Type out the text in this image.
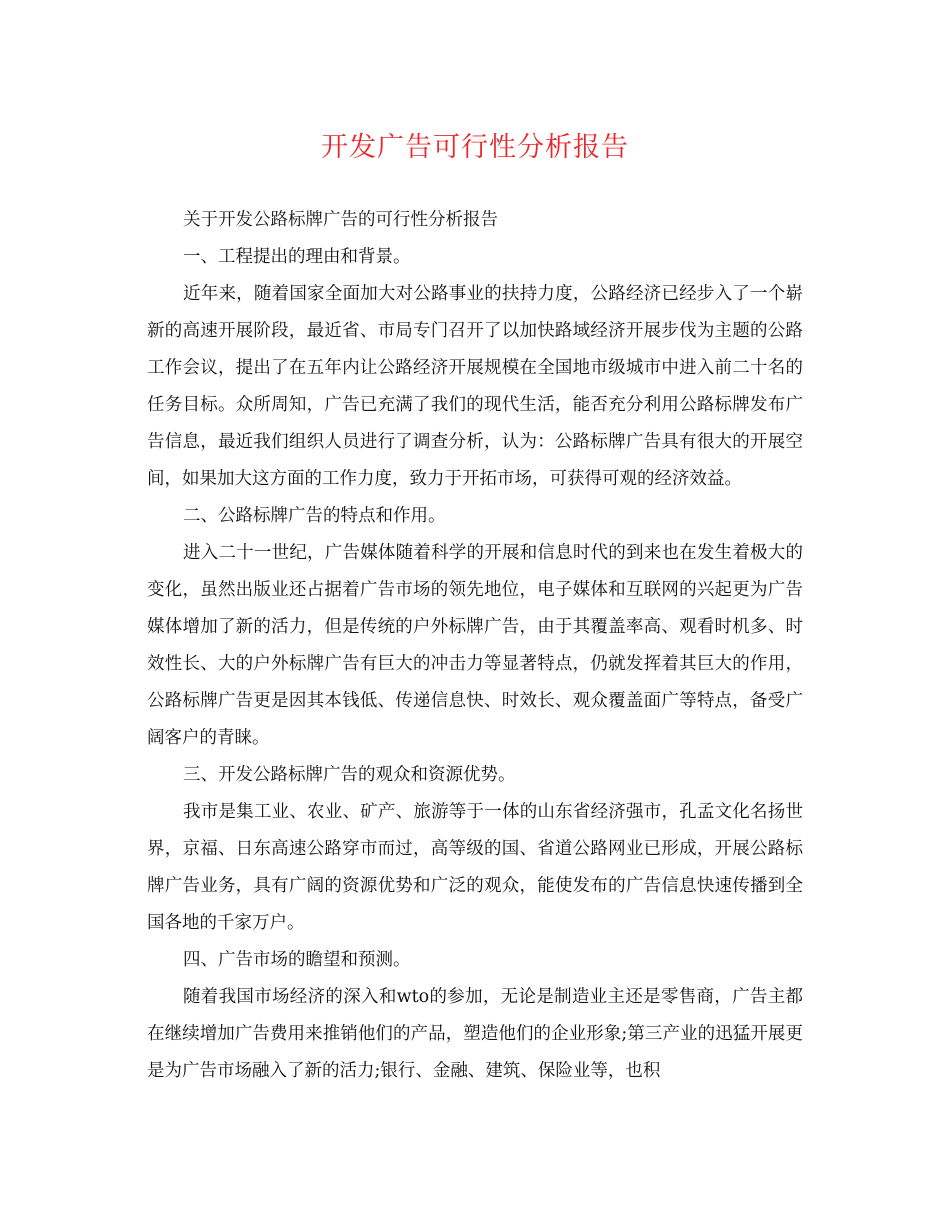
开发广告可行性分析报告

关于开发公路标牌广告的可行性分析报告

一、工程提出的理由和背景。

近年来，随着国家全面加大对公路事业的扶持力度，公路经济已经步入了一个崭新的高速开展阶段，最近省、市局专门召开了以加快路域经济开展步伐为主题的公路工作会议，提出了在五年内让公路经济开展规模在全国地市级城市中进入前二十名的任务目标。众所周知，广告已充满了我们的现代生活，能否充分利用公路标牌发布广告信息，最近我们组织人员进行了调查分析，认为：公路标牌广告具有很大的开展空间，如果加大这方面的工作力度，致力于开拓市场，可获得可观的经济效益。

二、公路标牌广告的特点和作用。

进入二十一世纪，广告媒体随着科学的开展和信息时代的到来也在发生着极大的变化，虽然出版业还占据着广告市场的领先地位，电子媒体和互联网的兴起更为广告媒体增加了新的活力，但是传统的户外标牌广告，由于其覆盖率高、观看时机多、时效性长、大的户外标牌广告有巨大的冲击力等显著特点，仍就发挥着其巨大的作用，公路标牌广告更是因其本钱低、传递信息快、时效长、观众覆盖面广等特点，备受广阔客户的青睐。

三、开发公路标牌广告的观众和资源优势。

我市是集工业、农业、矿产、旅游等于一体的山东省经济强市，孔孟文化名扬世界，京福、日东高速公路穿市而过，高等级的国、省道公路网业已形成，开展公路标牌广告业务，具有广阔的资源优势和广泛的观众，能使发布的广告信息快速传播到全国各地的千家万户。

四、广告市场的瞻望和预测。

随着我国市场经济的深入和wto的参加，无论是制造业主还是零售商，广告主都在继续增加广告费用来推销他们的产品，塑造他们的企业形象;第三产业的迅猛开展更是为广告市场融入了新的活力;银行、金融、建筑、保险业等，也积
